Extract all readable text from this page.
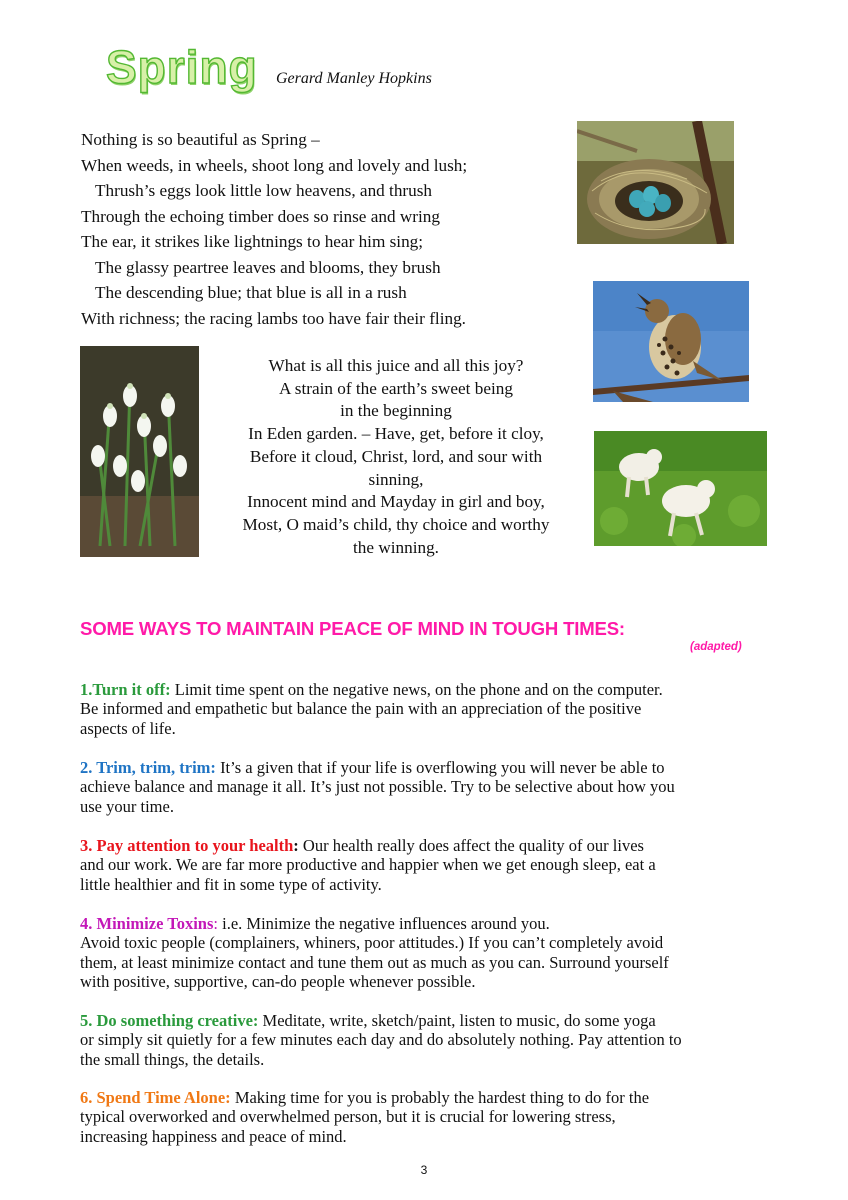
Spring Gerard Manley Hopkins
Nothing is so beautiful as Spring –
When weeds, in wheels, shoot long and lovely and lush;
Thrush’s eggs look little low heavens, and thrush
Through the echoing timber does so rinse and wring
The ear, it strikes like lightnings to hear him sing;
The glassy peartree leaves and blooms, they brush
The descending blue; that blue is all in a rush
With richness; the racing lambs too have fair their fling.
What is all this juice and all this joy?
A strain of the earth’s sweet being
in the beginning
In Eden garden. – Have, get, before it cloy,
Before it cloud, Christ, lord, and sour with
sinning,
Innocent mind and Mayday in girl and boy,
Most, O maid’s child, thy choice and worthy
the winning.
SOME WAYS TO MAINTAIN PEACE OF MIND IN TOUGH TIMES:
(adapted)
1.Turn it off: Limit time spent on the negative news, on the phone and on the computer.
Be informed and empathetic but balance the pain with an appreciation of the positive
aspects of life.
2. Trim, trim, trim: It’s a given that if your life is overflowing you will never be able to
achieve balance and manage it all. It’s just not possible. Try to be selective about how you
use your time.
3. Pay attention to your health: Our health really does affect the quality of our lives
and our work. We are far more productive and happier when we get enough sleep, eat a
little healthier and fit in some type of activity.
4. Minimize Toxins: i.e. Minimize the negative influences around you.
Avoid toxic people (complainers, whiners, poor attitudes.) If you can’t completely avoid
them, at least minimize contact and tune them out as much as you can. Surround yourself
with positive, supportive, can-do people whenever possible.
5. Do something creative: Meditate, write, sketch/paint, listen to music, do some yoga
or simply sit quietly for a few minutes each day and do absolutely nothing. Pay attention to
the small things, the details.
6. Spend Time Alone: Making time for you is probably the hardest thing to do for the
typical overworked and overwhelmed person, but it is crucial for lowering stress,
increasing happiness and peace of mind.
3
